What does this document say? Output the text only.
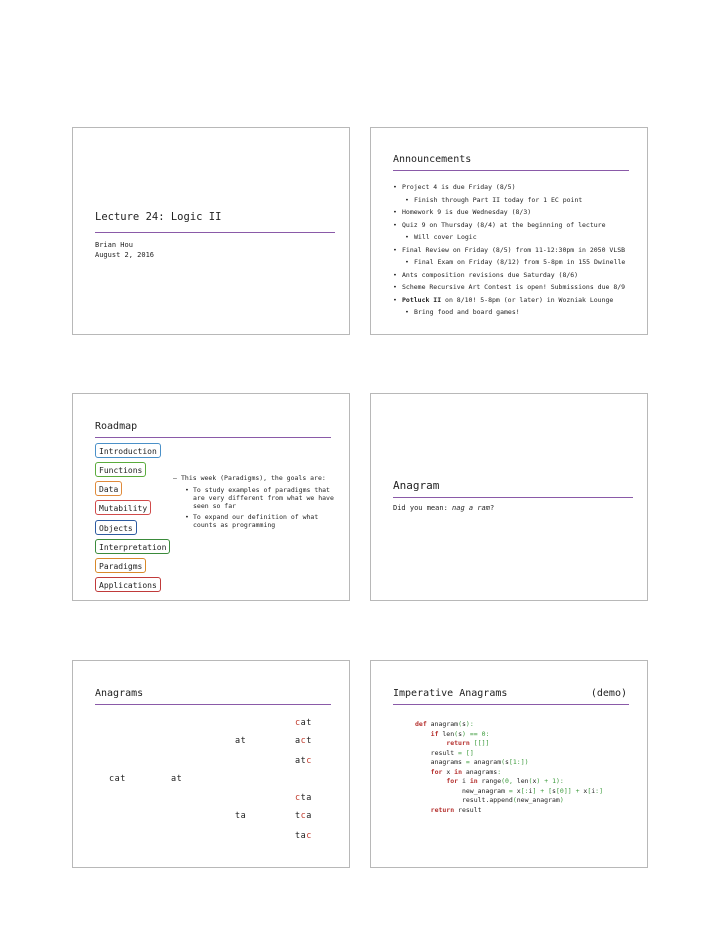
Lecture 24: Logic II
Brian Hou
August 2, 2016
Announcements
• Project 4 is due Friday (8/5)
• Finish through Part II today for 1 EC point
• Homework 9 is due Wednesday (8/3)
• Quiz 9 on Thursday (8/4) at the beginning of lecture
• Will cover Logic
• Final Review on Friday (8/5) from 11-12:30pm in 2050 VLSB
• Final Exam on Friday (8/12) from 5-8pm in 155 Dwinelle
• Ants composition revisions due Saturday (8/6)
• Scheme Recursive Art Contest is open! Submissions due 8/9
• Potluck II on 8/10! 5-8pm (or later) in Wozniak Lounge
• Bring food and board games!
Roadmap
Introduction
Functions
Data
Mutability
Objects
Interpretation
Paradigms
Applications
– This week (Paradigms), the goals are:
• To study examples of paradigms that are very different from what we have seen so far
• To expand our definition of what counts as programming
Anagram
Did you mean: nag a ram?
Anagrams
cat	at
at
ta
cat
act
atc
cta
tca
tac
Imperative Anagrams	(demo)
def anagram(s):
if len(s) == 0:
return [[]]
result = []
anagrams = anagram(s[1:])
for x in anagrams:
for i in range(0, len(x) + 1):
new_anagram = x[:i] + [s[0]] + x[i:]
result.append(new_anagram)
return result
